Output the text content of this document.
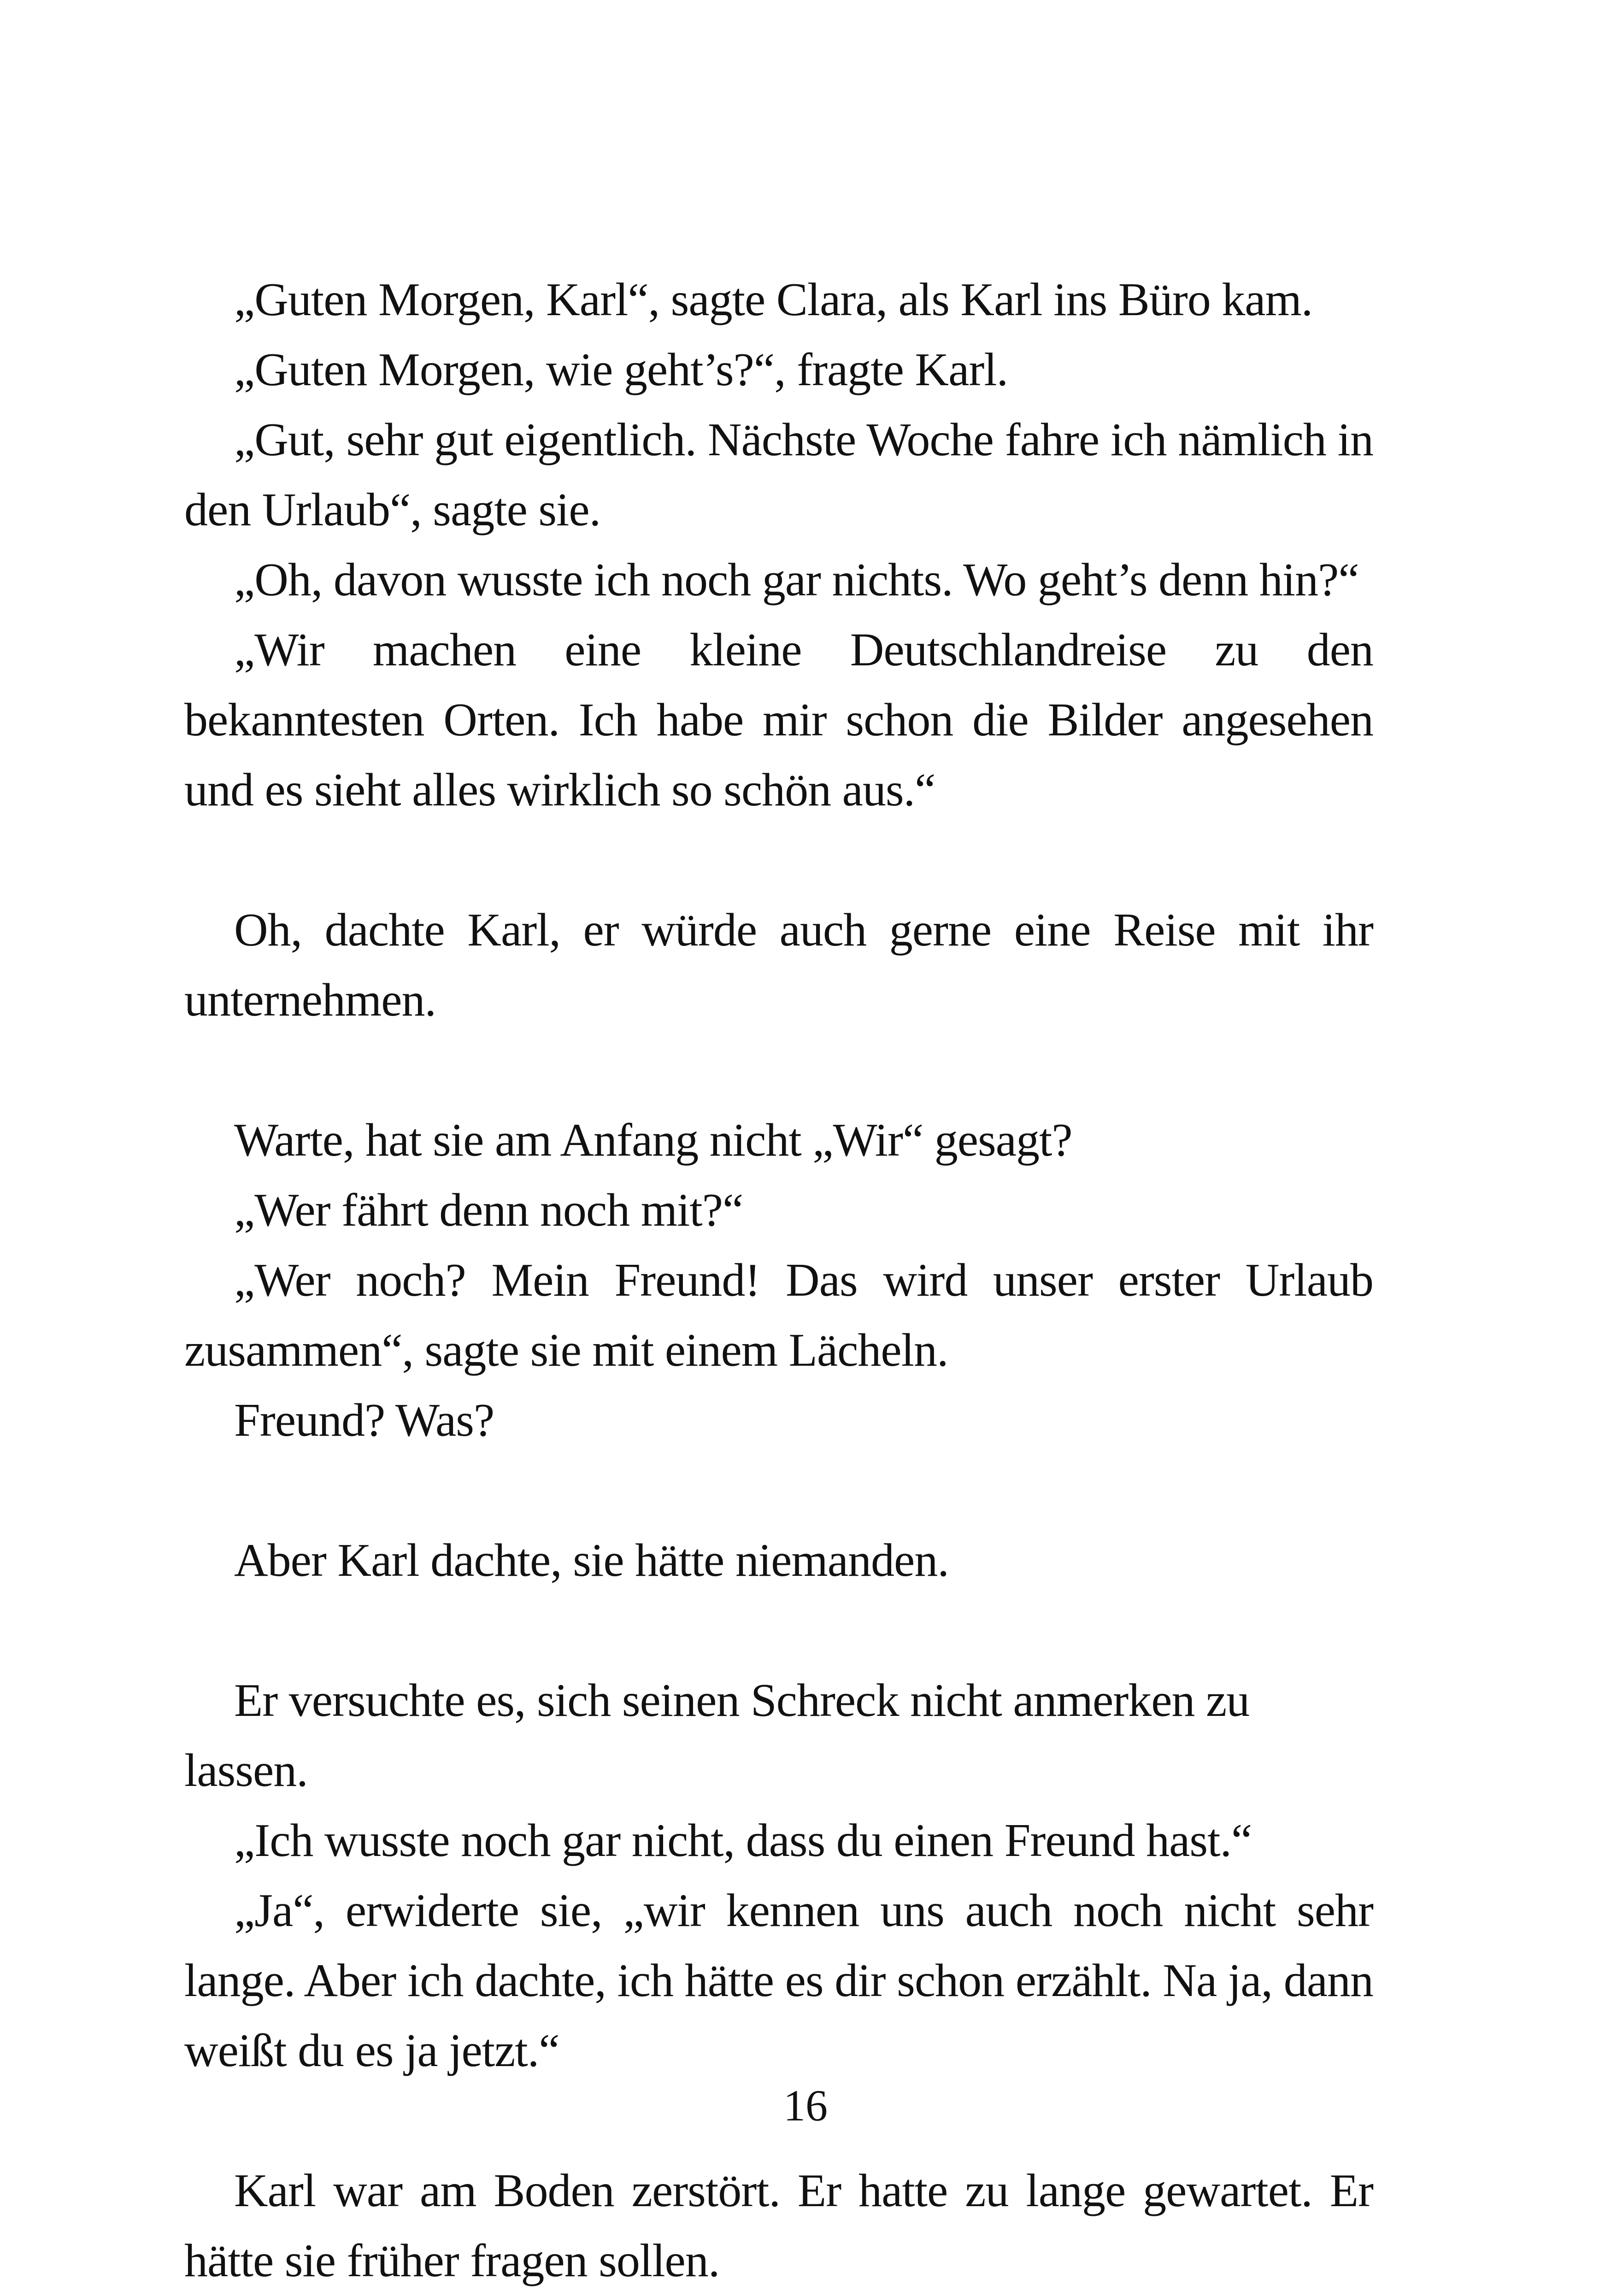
„Guten Morgen, Karl“, sagte Clara, als Karl ins Büro kam.

„Guten Morgen, wie geht’s?“, fragte Karl.

„Gut, sehr gut eigentlich. Nächste Woche fahre ich nämlich in den Urlaub“, sagte sie.

„Oh, davon wusste ich noch gar nichts. Wo geht’s denn hin?“

„Wir machen eine kleine Deutschlandreise zu den bekanntesten Orten. Ich habe mir schon die Bilder angesehen und es sieht alles wirklich so schön aus.“

Oh, dachte Karl, er würde auch gerne eine Reise mit ihr unternehmen.

Warte, hat sie am Anfang nicht „Wir“ gesagt?

„Wer fährt denn noch mit?“

„Wer noch? Mein Freund! Das wird unser erster Urlaub zusammen“, sagte sie mit einem Lächeln.

Freund? Was?

Aber Karl dachte, sie hätte niemanden.

Er versuchte es, sich seinen Schreck nicht anmerken zu lassen.

„Ich wusste noch gar nicht, dass du einen Freund hast.“

„Ja“, erwiderte sie, „wir kennen uns auch noch nicht sehr lange. Aber ich dachte, ich hätte es dir schon erzählt. Na ja, dann weißt du es ja jetzt.“

Karl war am Boden zerstört. Er hatte zu lange gewartet. Er hätte sie früher fragen sollen.

16
